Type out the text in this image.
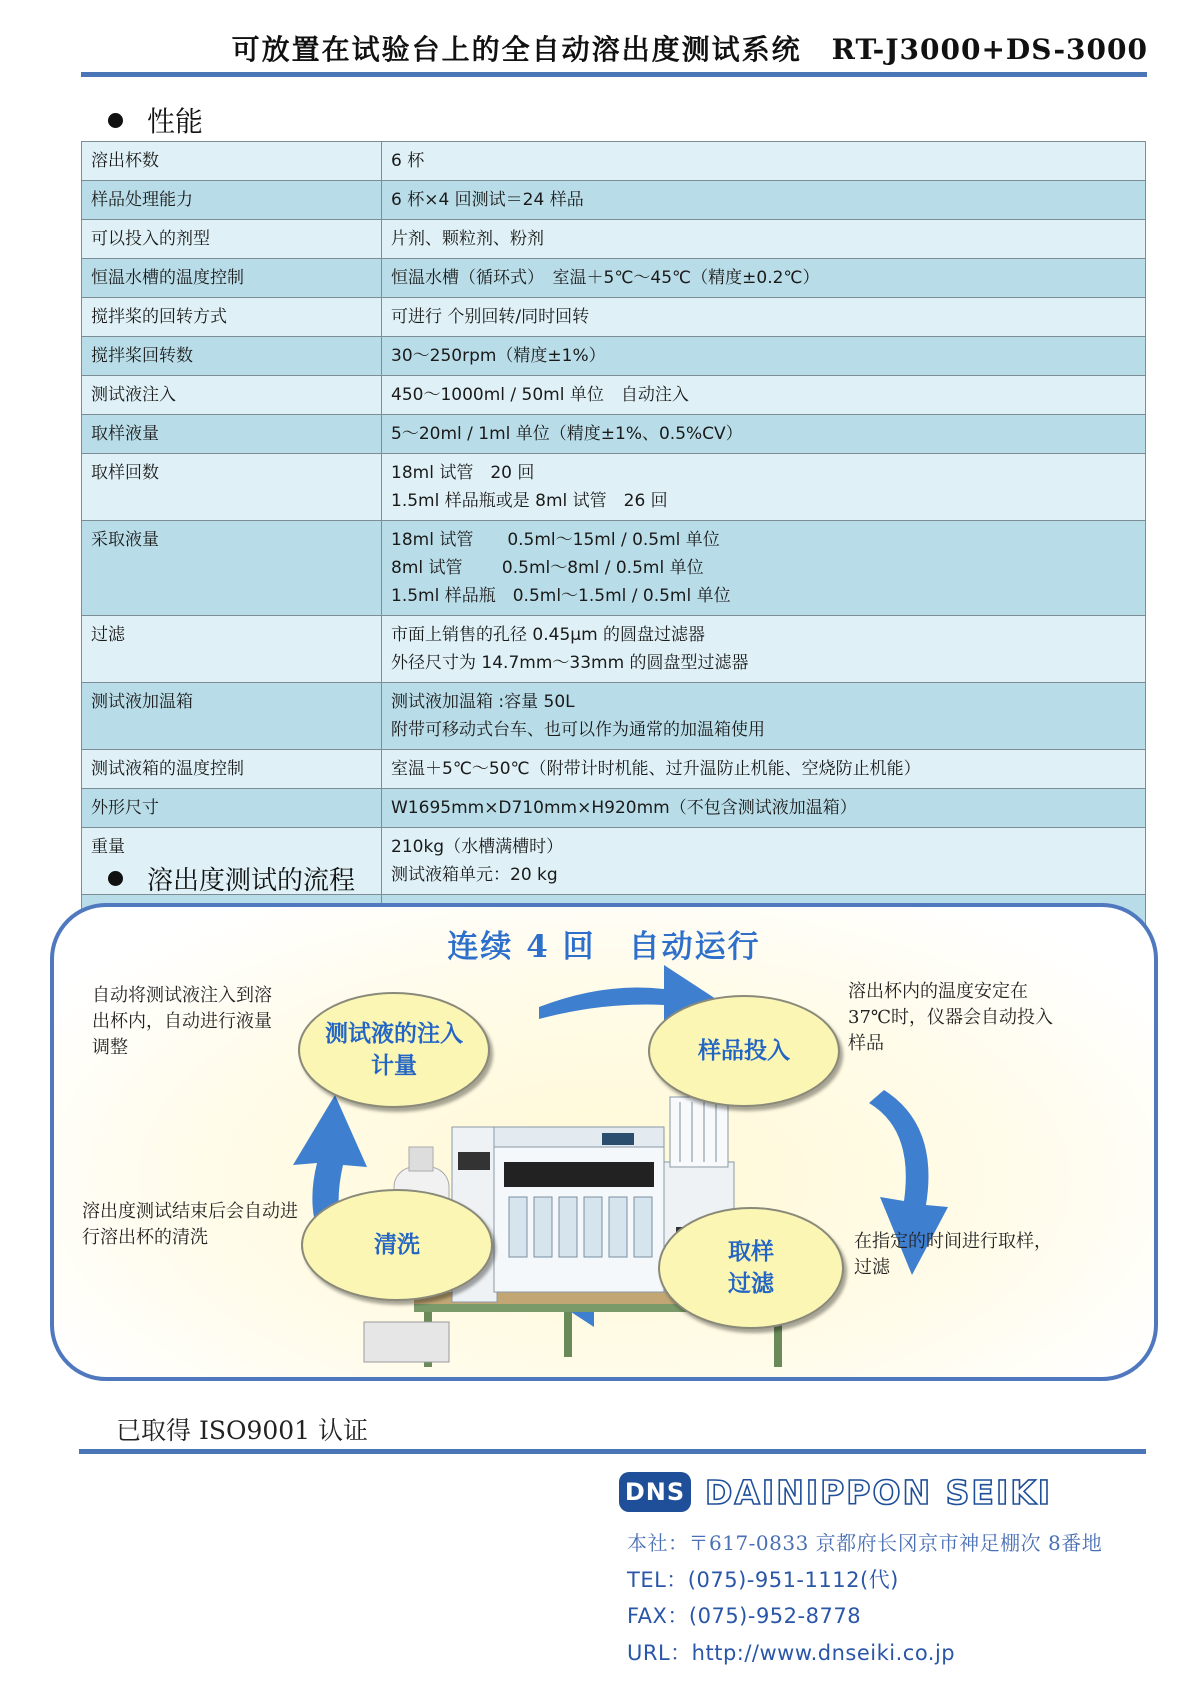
可放置在试验台上的全自动溶出度测试系统 RT-J3000+DS-3000
性能
溶出杯数	6 杯

样品处理能力	6 杯×4 回测试＝24 样品

可以投入的剂型	片剂、颗粒剂、粉剂

恒温水槽的温度控制	恒温水槽（循环式）　室温＋5℃～45℃（精度±0.2℃）

搅拌桨的回转方式	可进行 个别回转/同时回转

搅拌桨回转数	30～250rpm（精度±1%）

测试液注入	450～1000ml / 50ml 单位　自动注入

取样液量	5～20ml / 1ml 单位（精度±1%、0.5%CV）

取样回数	18ml 试管　20 回
1.5ml 样品瓶或是 8ml 试管　26 回

采取液量	18ml 试管　　0.5ml～15ml / 0.5ml 单位
8ml 试管　　 0.5ml～8ml / 0.5ml 单位
1.5ml 样品瓶　0.5ml～1.5ml / 0.5ml 单位

过滤	市面上销售的孔径 0.45μm 的圆盘过滤器
外径尺寸为 14.7mm～33mm 的圆盘型过滤器

测试液加温箱	测试液加温箱 :容量 50L
附带可移动式台车、也可以作为通常的加温箱使用

测试液箱的温度控制	室温＋5℃～50℃（附带计时机能、过升温防止机能、空烧防止机能）

外形尺寸	W1695mm×D710mm×H920mm（不包含测试液加温箱）

重量	210kg（水槽满槽时）
测试液箱单元：20 kg

溶出度测试的流程
连续 4 回　自动运行
测试液的注入
计量
样品投入
清洗	取样
过滤
自动将测试液注入到溶
出杯内，自动进行液量
调整
溶出杯内的温度安定在
37℃时，仪器会自动投入
样品
溶出度测试结束后会自动进
行溶出杯的清洗	在指定的时间进行取样，
过滤
已取得 ISO9001 认证
DNS DAINIPPON SEIKI
本社：〒617-0833 京都府长冈京市神足棚次 8番地
TEL：(075)-951-1112(代)
FAX：(075)-952-8778
URL：http://www.dnseiki.co.jp
